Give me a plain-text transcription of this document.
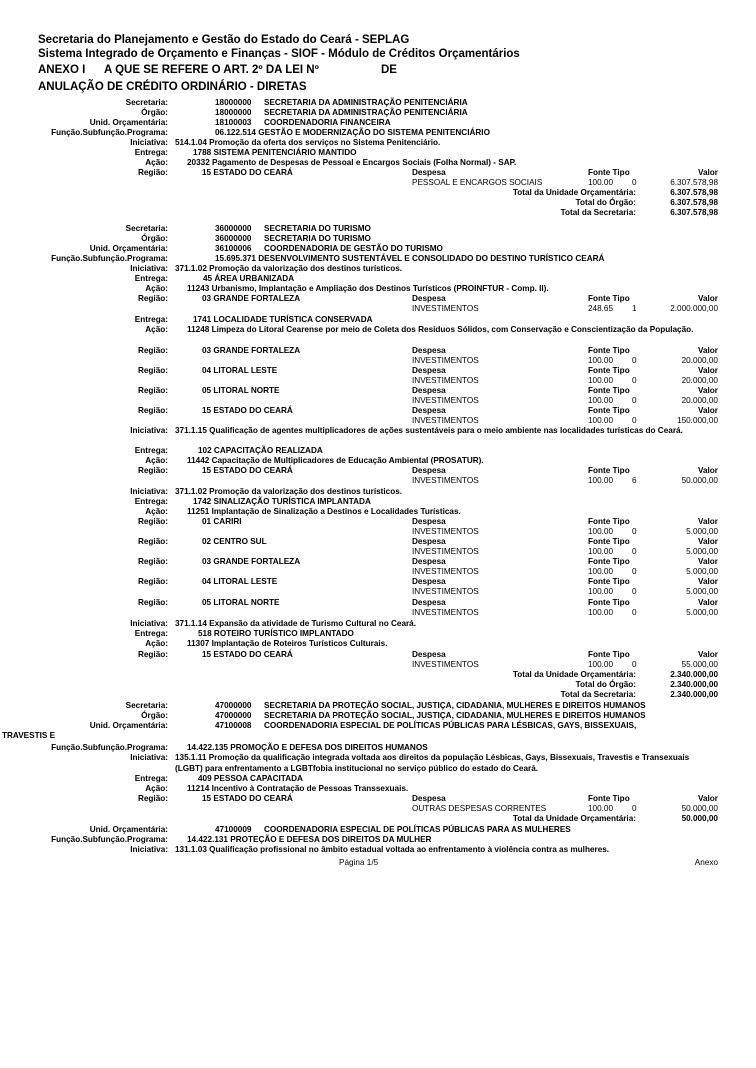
Secretaria do Planejamento e Gestão do Estado do Ceará - SEPLAG
Sistema Integrado de Orçamento e Finanças - SIOF - Módulo de Créditos Orçamentários
ANEXO I A QUE SE REFERE O ART. 2º DA LEI Nº	DE
ANULAÇÃO DE CRÉDITO ORDINÁRIO - DIRETAS
Secretaria:	18000000 SECRETARIA DA ADMINISTRAÇÃO PENITENCIÁRIA
Órgão:	18000000 SECRETARIA DA ADMINISTRAÇÃO PENITENCIÁRIA
Unid. Orçamentária:	18100003 COORDENADORIA FINANCEIRA
Função.Subfunção.Programa:	06.122.514 GESTÃO E MODERNIZAÇÃO DO SISTEMA PENITENCIÁRIO
Iniciativa: 514.1.04 Promoção da oferta dos serviços no Sistema Penitenciário.
Entrega:	1788 SISTEMA PENITENCIÁRIO MANTIDO
Ação: 20332 Pagamento de Despesas de Pessoal e Encargos Sociais (Folha Normal) - SAP.
Região:	15 ESTADO DO CEARÁ	Despesa	Fonte Tipo	Valor
PESSOAL E ENCARGOS SOCIAIS	100.00 0	6.307.578,98
Total da Unidade Orçamentária:	6.307.578,98
Total do Órgão:	6.307.578,98
Total da Secretaria:	6.307.578,98
Secretaria:	36000000 SECRETARIA DO TURISMO
Órgão:	36000000 SECRETARIA DO TURISMO
Unid. Orçamentária:	36100006 COORDENADORIA DE GESTÃO DO TURISMO
Função.Subfunção.Programa:	15.695.371 DESENVOLVIMENTO SUSTENTÁVEL E CONSOLIDADO DO DESTINO TURÍSTICO CEARÁ
Iniciativa: 371.1.02 Promoção da valorização dos destinos turísticos.
Entrega:	45 ÁREA URBANIZADA
Ação: 11243 Urbanismo, Implantação e Ampliação dos Destinos Turísticos (PROINFTUR - Comp. II).
Região:	03 GRANDE FORTALEZA	Despesa	Fonte Tipo	Valor
INVESTIMENTOS	248.65 1	2.000.000,00
Entrega:	1741 LOCALIDADE TURÍSTICA CONSERVADA
Ação: 11248 Limpeza do Litoral Cearense por meio de Coleta dos Resíduos Sólidos, com Conservação e Conscientização da População.
Região:	03 GRANDE FORTALEZA	Despesa	Fonte Tipo	Valor
INVESTIMENTOS	100.00 0	20.000,00
Região:	04 LITORAL LESTE	Despesa	Fonte Tipo	Valor
INVESTIMENTOS	100.00 0	20.000,00
Região:	05 LITORAL NORTE	Despesa	Fonte Tipo	Valor
INVESTIMENTOS	100.00 0	20.000,00
Região:	15 ESTADO DO CEARÁ	Despesa	Fonte Tipo	Valor
INVESTIMENTOS	100.00 0	150.000,00
Iniciativa: 371.1.15 Qualificação de agentes multiplicadores de ações sustentáveis para o meio ambiente nas localidades turísticas do Ceará.
Entrega:	102 CAPACITAÇÃO REALIZADA
Ação: 11442 Capacitação de Multiplicadores de Educação Ambiental (PROSATUR).
Região:	15 ESTADO DO CEARÁ	Despesa	Fonte Tipo	Valor
INVESTIMENTOS	100.00 6	50.000,00
Iniciativa: 371.1.02 Promoção da valorização dos destinos turísticos.
Entrega:	1742 SINALIZAÇÃO TURÍSTICA IMPLANTADA
Ação: 11251 Implantação de Sinalização a Destinos e Localidades Turísticas.
Região:	01 CARIRI	Despesa	Fonte Tipo	Valor
INVESTIMENTOS	100.00 0	5.000,00
Região:	02 CENTRO SUL	Despesa	Fonte Tipo	Valor
INVESTIMENTOS	100.00 0	5.000,00
Região:	03 GRANDE FORTALEZA	Despesa	Fonte Tipo	Valor
INVESTIMENTOS	100.00 0	5.000,00
Região:	04 LITORAL LESTE	Despesa	Fonte Tipo	Valor
INVESTIMENTOS	100.00 0	5.000,00
Região:	05 LITORAL NORTE	Despesa	Fonte Tipo	Valor
INVESTIMENTOS	100.00 0	5.000,00
Iniciativa: 371.1.14 Expansão da atividade de Turismo Cultural no Ceará.
Entrega:	518 ROTEIRO TURÍSTICO IMPLANTADO
Ação: 11307 Implantação de Roteiros Turísticos Culturais.
Região:	15 ESTADO DO CEARÁ	Despesa	Fonte Tipo	Valor
INVESTIMENTOS	100.00 0	55.000,00
Total da Unidade Orçamentária:	2.340.000,00
Total do Órgão:	2.340.000,00
Total da Secretaria:	2.340.000,00
Secretaria:	47000000 SECRETARIA DA PROTEÇÃO SOCIAL, JUSTIÇA, CIDADANIA, MULHERES E DIREITOS HUMANOS
Órgão:	47000000 SECRETARIA DA PROTEÇÃO SOCIAL, JUSTIÇA, CIDADANIA, MULHERES E DIREITOS HUMANOS
Unid. Orçamentária:	47100008 COORDENADORIA ESPECIAL DE POLÍTICAS PÚBLICAS PARA LÉSBICAS, GAYS, BISSEXUAIS,
TRAVESTIS E
Função.Subfunção.Programa: 14.422.135 PROMOÇÃO E DEFESA DOS DIREITOS HUMANOS
Iniciativa: 135.1.11 Promoção da qualificação integrada voltada aos direitos da população Lésbicas, Gays, Bissexuais, Travestis e Transexuais (LGBT) para enfrentamento a LGBTfobia institucional no serviço público do estado do Ceará.
Entrega:	409 PESSOA CAPACITADA
Ação: 11214 Incentivo à Contratação de Pessoas Transsexuais.
Região:	15 ESTADO DO CEARÁ	Despesa	Fonte Tipo	Valor
OUTRAS DESPESAS CORRENTES	100.00 0	50.000,00
Total da Unidade Orçamentária:	50.000,00
Unid. Orçamentária:	47100009 COORDENADORIA ESPECIAL DE POLÍTICAS PÚBLICAS PARA AS MULHERES
Função.Subfunção.Programa: 14.422.131 PROTEÇÃO E DEFESA DOS DIREITOS DA MULHER
Iniciativa: 131.1.03 Qualificação profissional no âmbito estadual voltada ao enfrentamento à violência contra as mulheres.
Página 1/5	Anexo
